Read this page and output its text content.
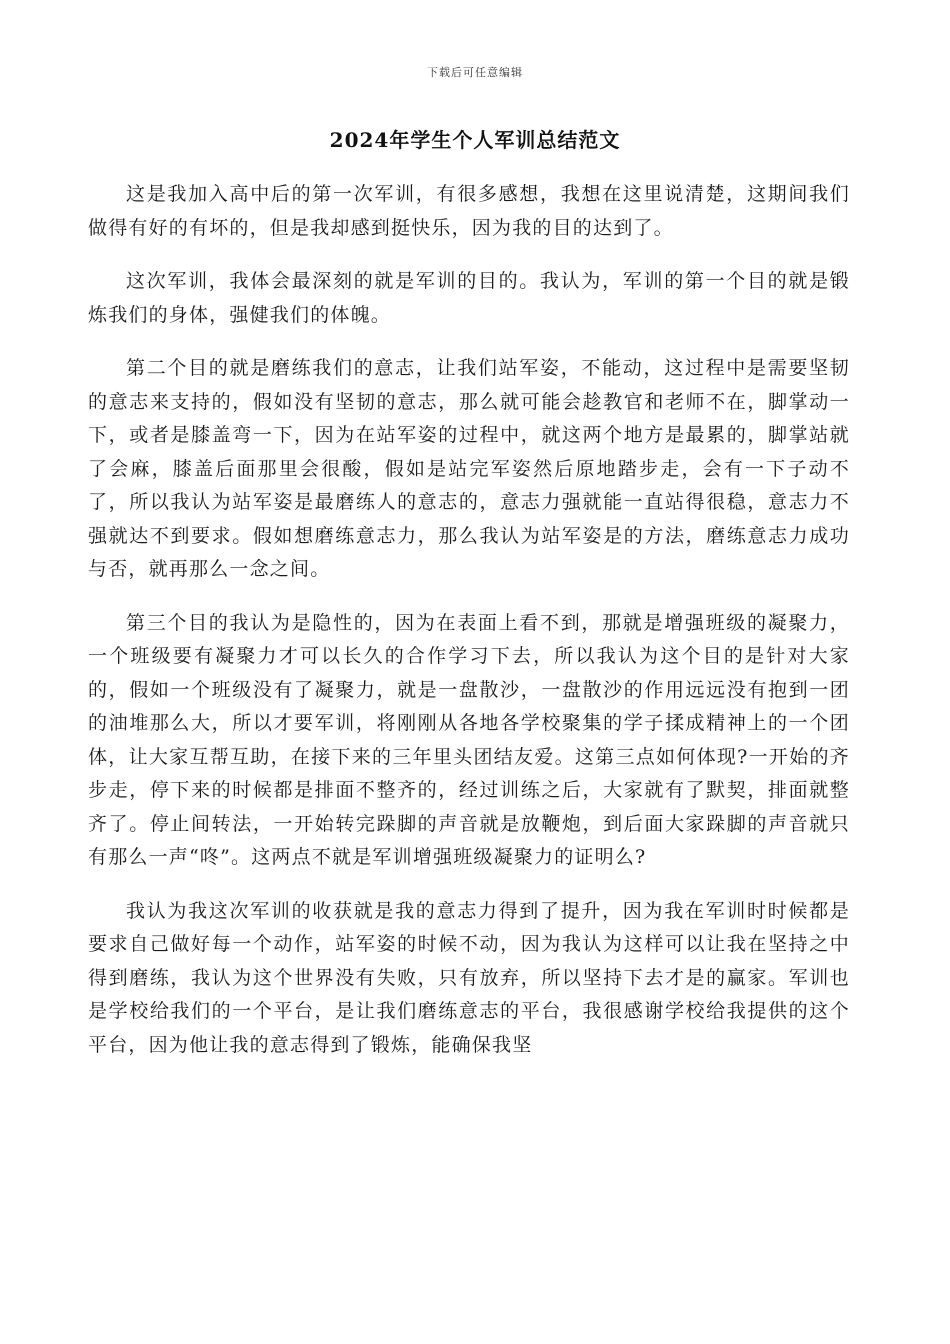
下载后可任意编辑
2024年学生个人军训总结范文

这是我加入高中后的第一次军训，有很多感想，我想在这里说清楚，这期间我们做得有好的有坏的，但是我却感到挺快乐，因为我的目的达到了。

这次军训，我体会最深刻的就是军训的目的。我认为，军训的第一个目的就是锻炼我们的身体，强健我们的体魄。

第二个目的就是磨练我们的意志，让我们站军姿，不能动，这过程中是需要坚韧的意志来支持的，假如没有坚韧的意志，那么就可能会趁教官和老师不在，脚掌动一下，或者是膝盖弯一下，因为在站军姿的过程中，就这两个地方是最累的，脚掌站就了会麻，膝盖后面那里会很酸，假如是站完军姿然后原地踏步走，会有一下子动不了，所以我认为站军姿是最磨练人的意志的，意志力强就能一直站得很稳，意志力不强就达不到要求。假如想磨练意志力，那么我认为站军姿是的方法，磨练意志力成功与否，就再那么一念之间。

第三个目的我认为是隐性的，因为在表面上看不到，那就是增强班级的凝聚力，一个班级要有凝聚力才可以长久的合作学习下去，所以我认为这个目的是针对大家的，假如一个班级没有了凝聚力，就是一盘散沙，一盘散沙的作用远远没有抱到一团的油堆那么大，所以才要军训，将刚刚从各地各学校聚集的学子揉成精神上的一个团体，让大家互帮互助，在接下来的三年里头团结友爱。这第三点如何体现?一开始的齐步走，停下来的时候都是排面不整齐的，经过训练之后，大家就有了默契，排面就整齐了。停止间转法，一开始转完跺脚的声音就是放鞭炮，到后面大家跺脚的声音就只有那么一声“咚”。这两点不就是军训增强班级凝聚力的证明么?

我认为我这次军训的收获就是我的意志力得到了提升，因为我在军训时时候都是要求自己做好每一个动作，站军姿的时候不动，因为我认为这样可以让我在坚持之中得到磨练，我认为这个世界没有失败，只有放弃，所以坚持下去才是的赢家。军训也是学校给我们的一个平台，是让我们磨练意志的平台，我很感谢学校给我提供的这个平台，因为他让我的意志得到了锻炼，能确保我坚
